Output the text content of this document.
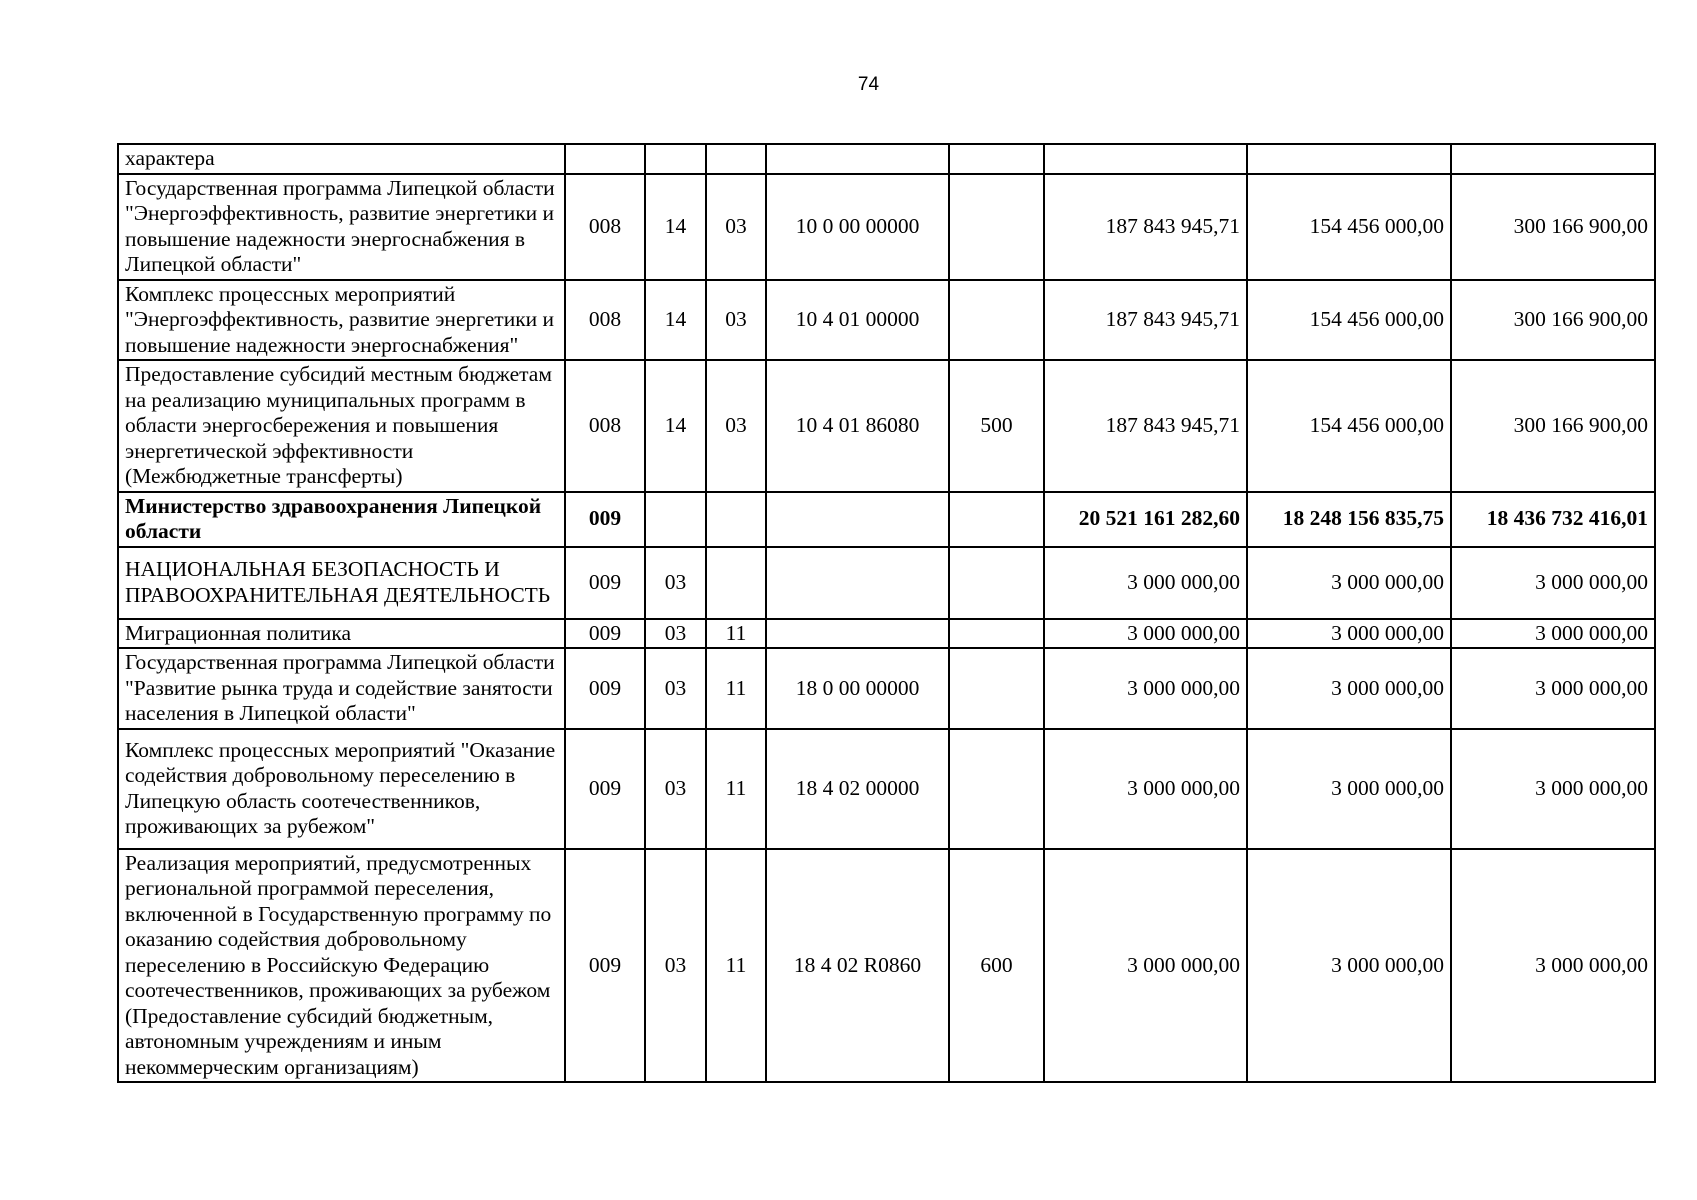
74
характера								
Государственная программа Липецкой области "Энергоэффективность, развитие энергетики и повышение надежности энергоснабжения в Липецкой области"	008	14	03	10 0 00 00000		187 843 945,71	154 456 000,00	300 166 900,00
Комплекс процессных мероприятий "Энергоэффективность, развитие энергетики и повышение надежности энергоснабжения"	008	14	03	10 4 01 00000		187 843 945,71	154 456 000,00	300 166 900,00
Предоставление субсидий местным бюджетам на реализацию муниципальных программ в области энергосбережения и повышения энергетической эффективности (Межбюджетные трансферты)	008	14	03	10 4 01 86080	500	187 843 945,71	154 456 000,00	300 166 900,00
Министерство здравоохранения Липецкой области	009					20 521 161 282,60	18 248 156 835,75	18 436 732 416,01
НАЦИОНАЛЬНАЯ БЕЗОПАСНОСТЬ И ПРАВООХРАНИТЕЛЬНАЯ ДЕЯТЕЛЬНОСТЬ	009	03				3 000 000,00	3 000 000,00	3 000 000,00
Миграционная политика	009	03	11			3 000 000,00	3 000 000,00	3 000 000,00
Государственная программа Липецкой области "Развитие рынка труда и содействие занятости населения в Липецкой области"	009	03	11	18 0 00 00000		3 000 000,00	3 000 000,00	3 000 000,00
Комплекс процессных мероприятий "Оказание содействия добровольному переселению в Липецкую область соотечественников, проживающих за рубежом"	009	03	11	18 4 02 00000		3 000 000,00	3 000 000,00	3 000 000,00
Реализация мероприятий, предусмотренных региональной программой переселения, включенной в Государственную программу по оказанию содействия добровольному переселению в Российскую Федерацию соотечественников, проживающих за рубежом (Предоставление субсидий бюджетным, автономным учреждениям и иным некоммерческим организациям)	009	03	11	18 4 02 R0860	600	3 000 000,00	3 000 000,00	3 000 000,00
